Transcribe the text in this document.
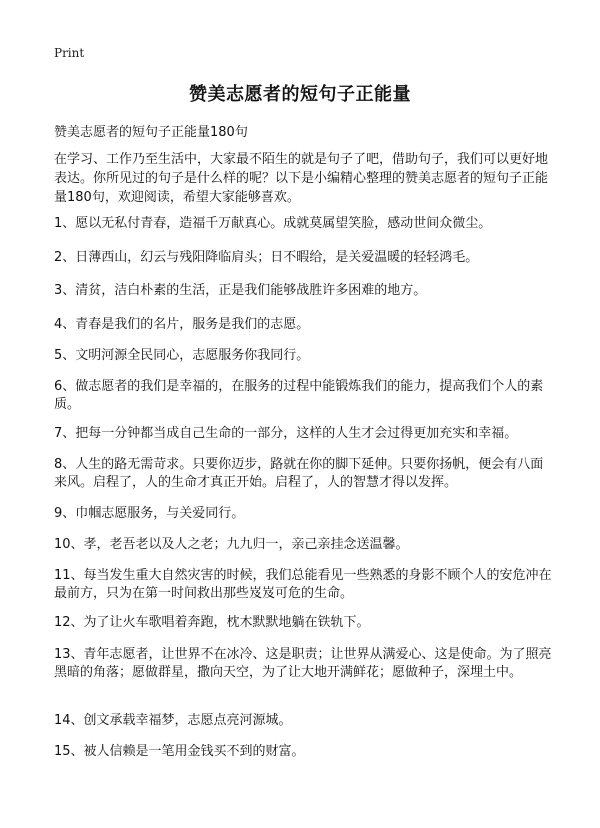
Print
赞美志愿者的短句子正能量

赞美志愿者的短句子正能量180句

在学习、工作乃至生活中，大家最不陌生的就是句子了吧，借助句子，我们可以更好地表达。你所见过的句子是什么样的呢？以下是小编精心整理的赞美志愿者的短句子正能量180句，欢迎阅读，希望大家能够喜欢。

1、愿以无私付青春，造福千万献真心。成就莫属望笑脸，感动世间众微尘。

2、日薄西山，幻云与残阳降临肩头；日不暇给，是关爱温暖的轻轻鸿毛。

3、清贫，洁白朴素的生活，正是我们能够战胜许多困难的地方。

4、青春是我们的名片，服务是我们的志愿。

5、文明河源全民同心，志愿服务你我同行。

6、做志愿者的我们是幸福的，在服务的过程中能锻炼我们的能力，提高我们个人的素质。

7、把每一分钟都当成自己生命的一部分，这样的人生才会过得更加充实和幸福。

8、人生的路无需苛求。只要你迈步，路就在你的脚下延伸。只要你扬帆，便会有八面来风。启程了，人的生命才真正开始。启程了，人的智慧才得以发挥。

9、巾帼志愿服务，与关爱同行。

10、孝，老吾老以及人之老；九九归一，亲己亲挂念送温馨。

11、每当发生重大自然灾害的时候，我们总能看见一些熟悉的身影不顾个人的安危冲在最前方，只为在第一时间救出那些岌岌可危的生命。

12、为了让火车歌唱着奔跑，枕木默默地躺在铁轨下。

13、青年志愿者，让世界不在冰冷、这是职责；让世界从满爱心、这是使命。为了照亮黑暗的角落；愿做群星，撒向天空，为了让大地开满鲜花；愿做种子，深埋土中。

14、创文承载幸福梦，志愿点亮河源城。

15、被人信赖是一笔用金钱买不到的财富。
